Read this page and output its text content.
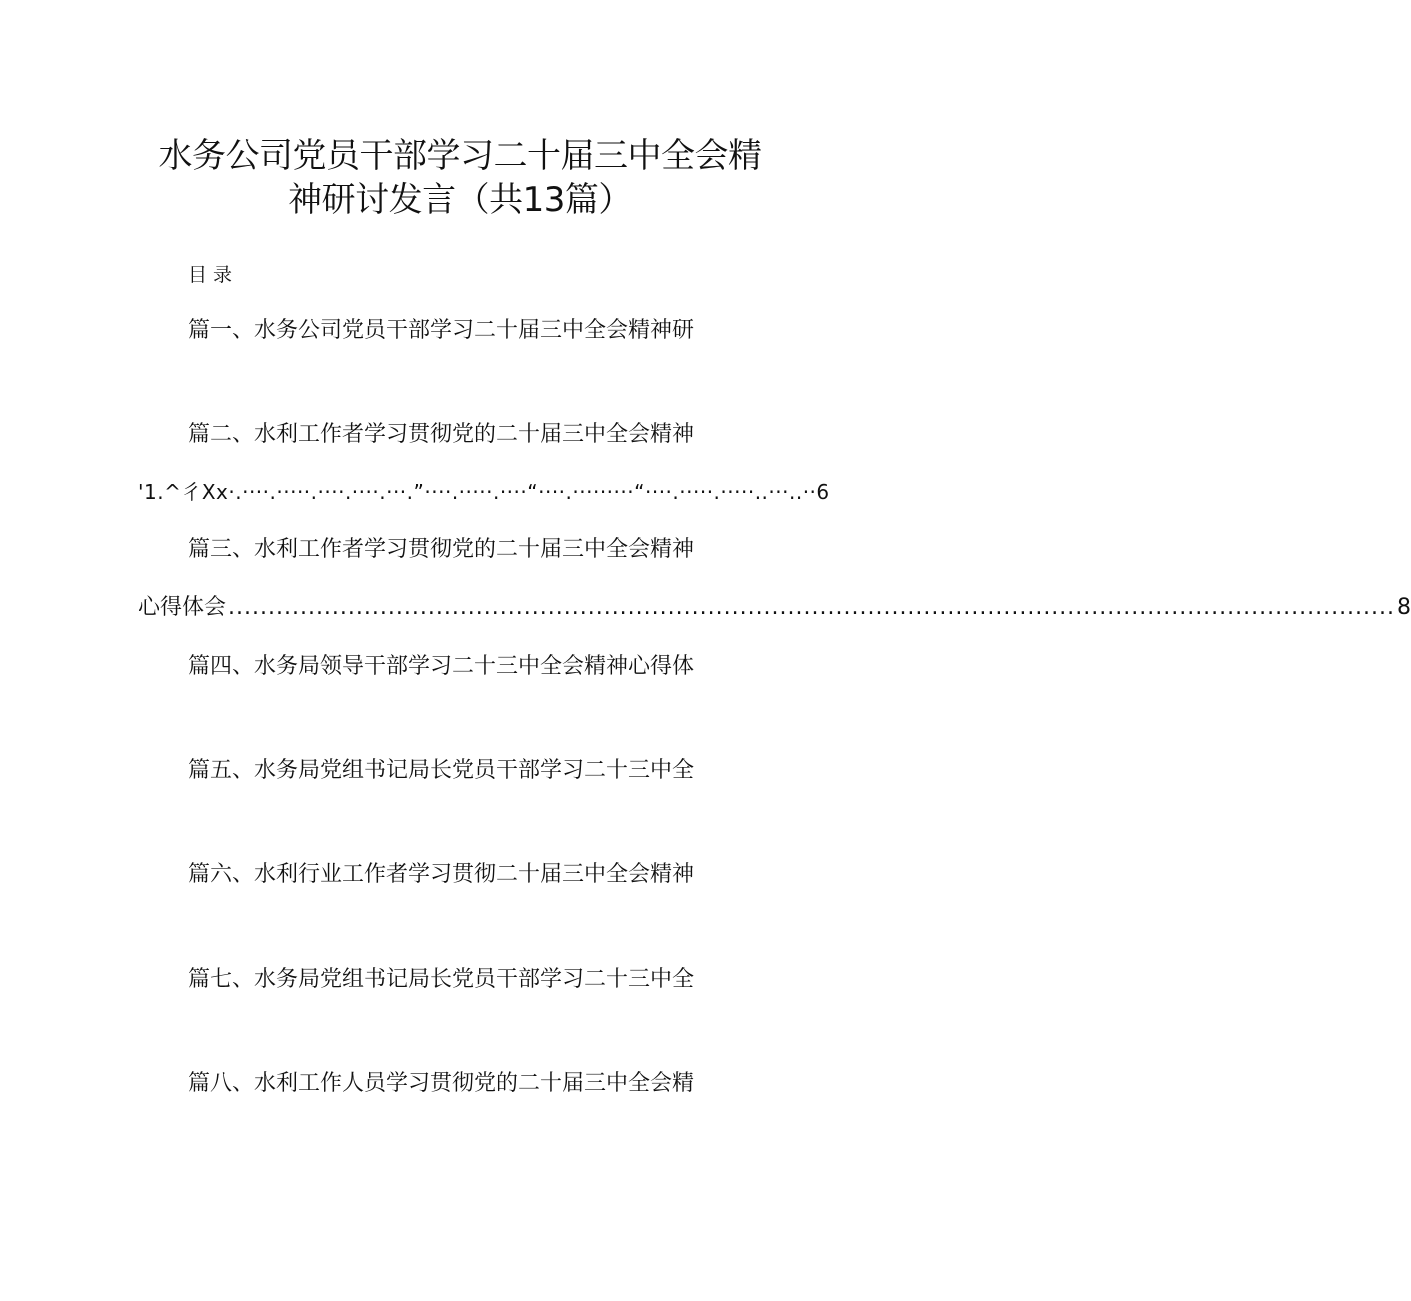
水务公司党员干部学习二十届三中全会精
神研讨发言（共13篇）
目录
篇一、水务公司党员干部学习二十届三中全会精神研
篇二、水利工作者学习贯彻党的二十届三中全会精神
'1.^彳Xx·.····.·····.····.····.···.”····.·····.····“····.·········“····.·····.·····..···..··6
篇三、水利工作者学习贯彻党的二十届三中全会精神
心得体会 .................................................................................................................................................. 8
篇四、水务局领导干部学习二十三中全会精神心得体
篇五、水务局党组书记局长党员干部学习二十三中全
篇六、水利行业工作者学习贯彻二十届三中全会精神
篇七、水务局党组书记局长党员干部学习二十三中全
篇八、水利工作人员学习贯彻党的二十届三中全会精
